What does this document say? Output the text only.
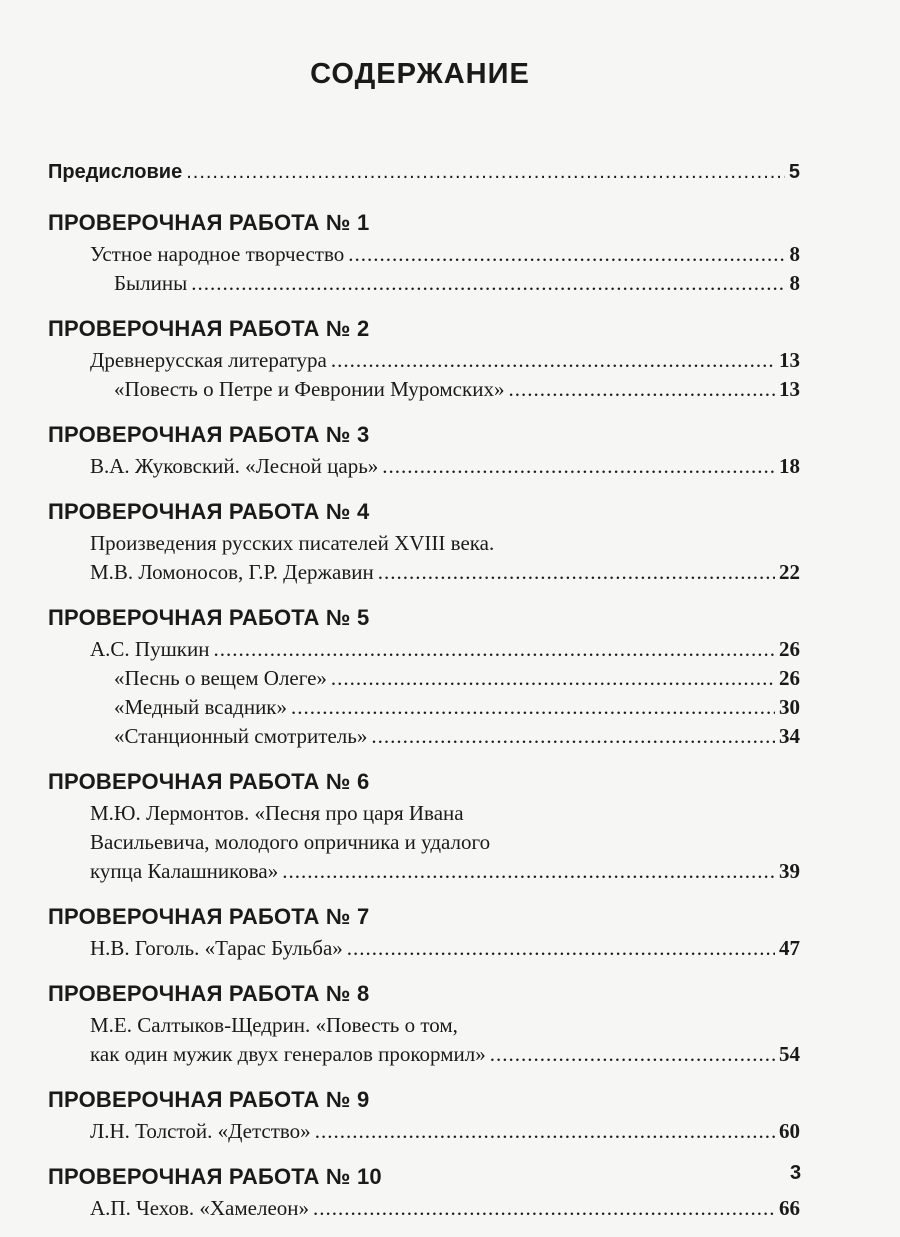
СОДЕРЖАНИЕ
Предисловие .....	5
ПРОВЕРОЧНАЯ РАБОТА № 1
Устное народное творчество .....	8
Былины .....	8
ПРОВЕРОЧНАЯ РАБОТА № 2
Древнерусская литература .....	13
«Повесть о Петре и Февронии Муромских» .....	13
ПРОВЕРОЧНАЯ РАБОТА № 3
В.А. Жуковский. «Лесной царь» .....	18
ПРОВЕРОЧНАЯ РАБОТА № 4
Произведения русских писателей XVIII века.
М.В. Ломоносов, Г.Р. Державин .....	22
ПРОВЕРОЧНАЯ РАБОТА № 5
А.С. Пушкин .....	26
«Песнь о вещем Олеге» .....	26
«Медный всадник» .....	30
«Станционный смотритель» .....	34
ПРОВЕРОЧНАЯ РАБОТА № 6
М.Ю. Лермонтов. «Песня про царя Ивана
Васильевича, молодого опричника и удалого
купца Калашникова» .....	39
ПРОВЕРОЧНАЯ РАБОТА № 7
Н.В. Гоголь. «Тарас Бульба» .....	47
ПРОВЕРОЧНАЯ РАБОТА № 8
М.Е. Салтыков-Щедрин. «Повесть о том,
как один мужик двух генералов прокормил» .....	54
ПРОВЕРОЧНАЯ РАБОТА № 9
Л.Н. Толстой. «Детство» .....	60
ПРОВЕРОЧНАЯ РАБОТА № 10
А.П. Чехов. «Хамелеон» .....	66
3
